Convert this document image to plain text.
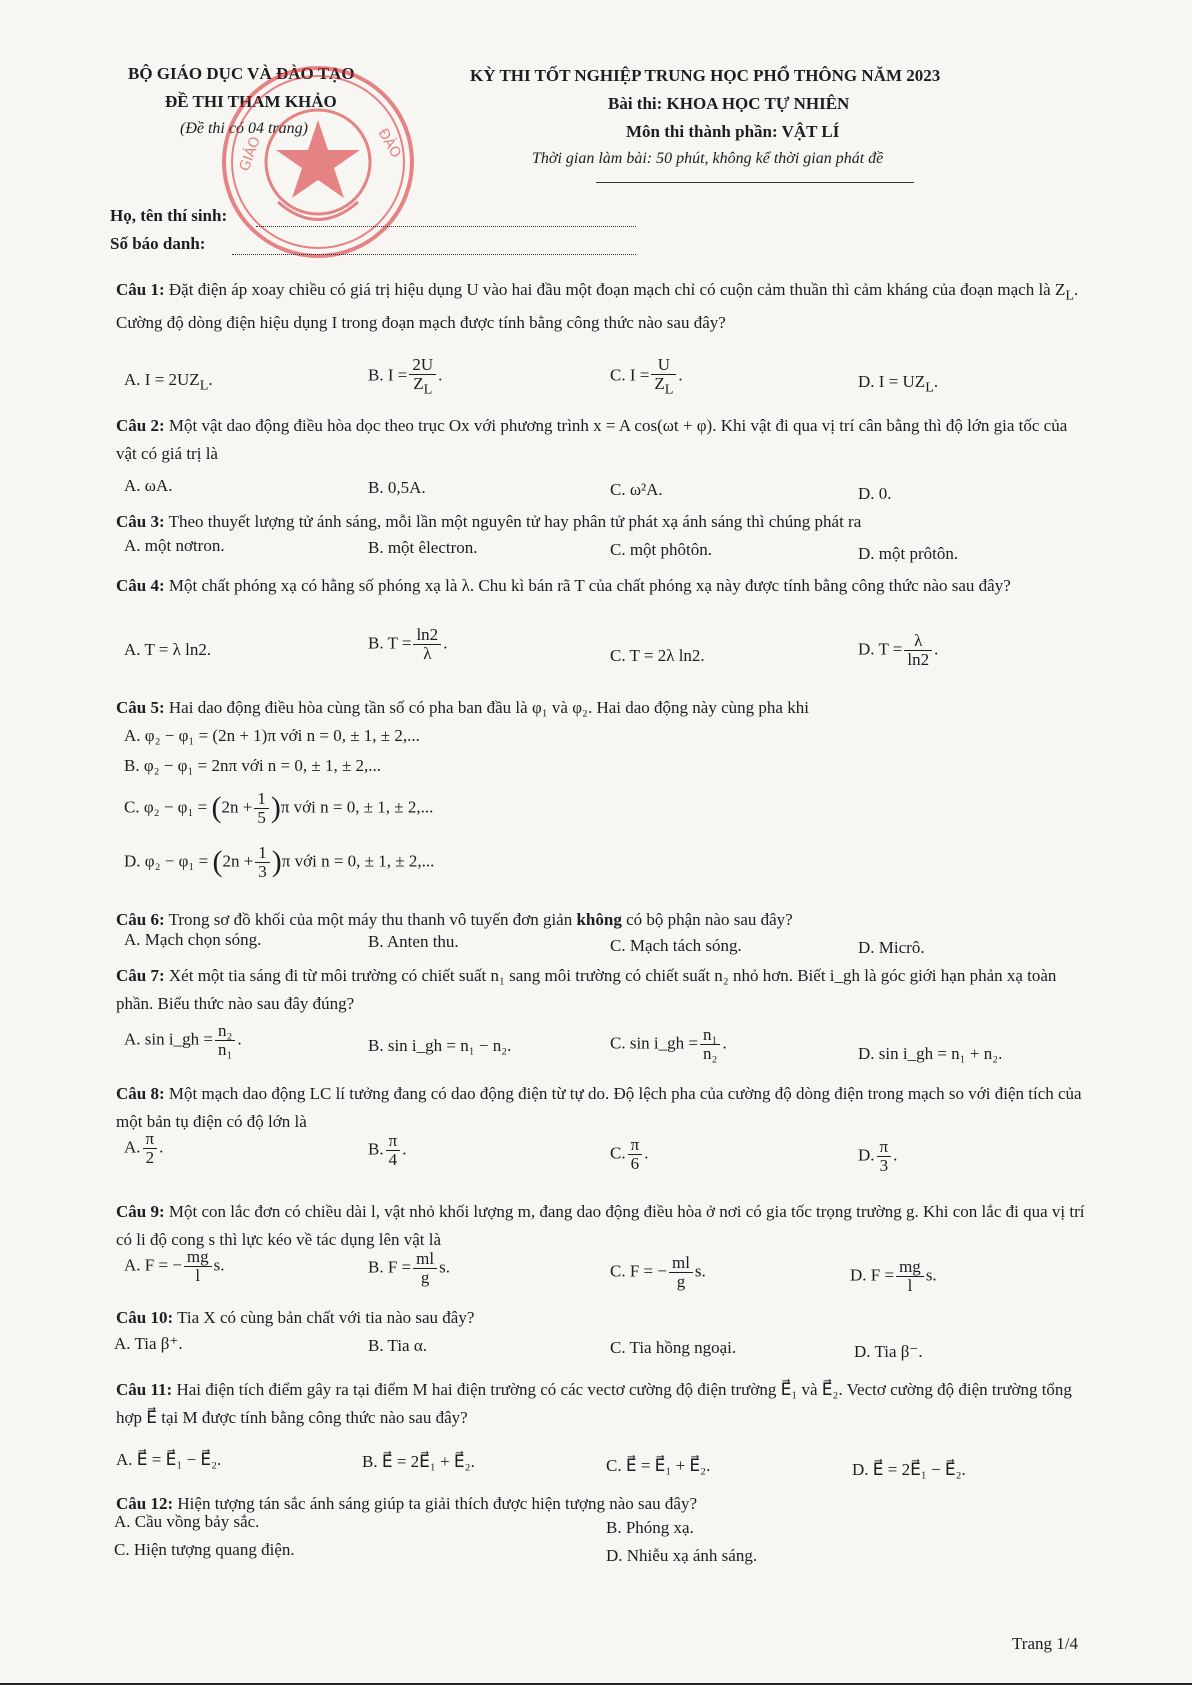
BỘ GIÁO DỤC VÀ ĐÀO TẠO
ĐỀ THI THAM KHẢO
(Đề thi có 04 trang)
KỲ THI TỐT NGHIỆP TRUNG HỌC PHỔ THÔNG NĂM 2023
Bài thi: KHOA HỌC TỰ NHIÊN
Môn thi thành phần: VẬT LÍ
Thời gian làm bài: 50 phút, không kể thời gian phát đề
GIÁO	ĐÀO
Họ, tên thí sinh:
Số báo danh:
Câu 1: Đặt điện áp xoay chiều có giá trị hiệu dụng U vào hai đầu một đoạn mạch chỉ có cuộn cảm thuần thì cảm kháng của đoạn mạch là $Z_L$. Cường độ dòng điện hiệu dụng I trong đoạn mạch được tính bằng công thức nào sau đây?
A. $I = 2UZ_L$.	B. $I = \frac{2U}{Z_L}$ .	C. $I = \frac{U}{Z_L}$ .	D. $I = UZ_L$.
Câu 2: Một vật dao động điều hòa dọc theo trục Ox với phương trình x = A cos(ωt + φ). Khi vật đi qua vị trí cân bằng thì độ lớn gia tốc của vật có giá trị là
A. ωA.	B. 0,5A.	C. ω²A.	D. 0.
Câu 3: Theo thuyết lượng tử ánh sáng, mỗi lần một nguyên tử hay phân tử phát xạ ánh sáng thì chúng phát ra
A. một nơtron.	B. một êlectron.	C. một phôtôn.	D. một prôtôn.
Câu 4: Một chất phóng xạ có hằng số phóng xạ là λ. Chu kì bán rã T của chất phóng xạ này được tính bằng công thức nào sau đây?
A. T = λ ln2.	B. $T = \frac{\ln 2}{\lambda}$ .
C. T = 2λ ln2.	D. $T = \frac{\lambda}{\ln 2}$ .
Câu 5: Hai dao động điều hòa cùng tần số có pha ban đầu là φ₁ và φ₂. Hai dao động này cùng pha khi
A. φ₂ − φ₁ = (2n + 1)π với n = 0, ± 1, ± 2,...
B. φ₂ − φ₁ = 2nπ với n = 0, ± 1, ± 2,...
C. $\varphi_2 - \varphi_1 = (2n + \frac{1}{5} )\pi$ với n = 0, ± 1, ± 2,...
D. $\varphi_2 - \varphi_1 = (2n + \frac{1}{3} )\pi$ với n = 0, ± 1, ± 2,...
Câu 6: Trong sơ đồ khối của một máy thu thanh vô tuyến đơn giản không có bộ phận nào sau đây?
A. Mạch chọn sóng.	B. Anten thu.	C. Mạch tách sóng.	D. Micrô.
Câu 7: Xét một tia sáng đi từ môi trường có chiết suất n₁ sang môi trường có chiết suất n₂ nhỏ hơn. Biết i_gh là góc giới hạn phản xạ toàn phần. Biểu thức nào sau đây đúng?
A. sin i_gh = $\frac{\text{n₂}}{\text{n₁}}$ .	B. sin i_gh = n₁ − n₂.	C. sin i_gh = $\frac{\text{n₁}}{\text{n₂}}$ .
D. sin i_gh = n₁ + n₂.
Câu 8: Một mạch dao động LC lí tưởng đang có dao động điện từ tự do. Độ lệch pha của cường độ dòng điện trong mạch so với điện tích của một bản tụ điện có độ lớn là
A. $\frac{\pi}{2}$ .	B. $\frac{\pi}{4}$ .	C. $\frac{\pi}{6}$ .	D. $\frac{\pi}{3}$ .
Câu 9: Một con lắc đơn có chiều dài l, vật nhỏ khối lượng m, đang dao động điều hòa ở nơi có gia tốc trọng trường g. Khi con lắc đi qua vị trí có li độ cong s thì lực kéo về tác dụng lên vật là
A. F = − $\frac{mg}{l} s$.	B. $F = \frac{ml}{g} s$.	C. F = − $\frac{ml}{g} s$.	D. $F = \frac{mg}{l} s$.
Câu 10: Tia X có cùng bản chất với tia nào sau đây?
A. Tia β⁺.	B. Tia α.	C. Tia hồng ngoại.	D. Tia β⁻.
Câu 11: Hai điện tích điểm gây ra tại điểm M hai điện trường có các vectơ cường độ điện trường E⃗₁ và E⃗₂. Vectơ cường độ điện trường tổng hợp E⃗ tại M được tính bằng công thức nào sau đây?
A. E⃗ = E⃗₁ − E⃗₂.	B. E⃗ = 2E⃗₁ + E⃗₂.	C. E⃗ = E⃗₁ + E⃗₂.	D. E⃗ = 2E⃗₁ − E⃗₂.
Câu 12: Hiện tượng tán sắc ánh sáng giúp ta giải thích được hiện tượng nào sau đây?
A. Cầu vồng bảy sắc.	B. Phóng xạ.
C. Hiện tượng quang điện.	D. Nhiễu xạ ánh sáng.
Trang 1/4
